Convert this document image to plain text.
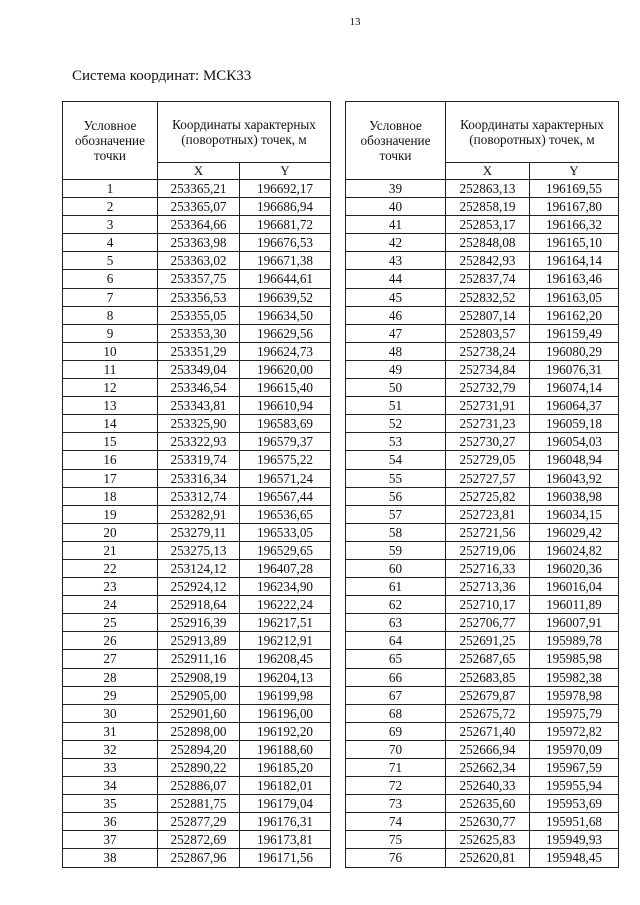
13
Система координат: МСК33
Условное обозначение точки	Координаты характерных (поворотных) точек, м	
	X	Y
1	253365,21	196692,17
2	253365,07	196686,94
3	253364,66	196681,72
4	253363,98	196676,53
5	253363,02	196671,38
6	253357,75	196644,61
7	253356,53	196639,52
8	253355,05	196634,50
9	253353,30	196629,56
10	253351,29	196624,73
11	253349,04	196620,00
12	253346,54	196615,40
13	253343,81	196610,94
14	253325,90	196583,69
15	253322,93	196579,37
16	253319,74	196575,22
17	253316,34	196571,24
18	253312,74	196567,44
19	253282,91	196536,65
20	253279,11	196533,05
21	253275,13	196529,65
22	253124,12	196407,28
23	252924,12	196234,90
24	252918,64	196222,24
25	252916,39	196217,51
26	252913,89	196212,91
27	252911,16	196208,45
28	252908,19	196204,13
29	252905,00	196199,98
30	252901,60	196196,00
31	252898,00	196192,20
32	252894,20	196188,60
33	252890,22	196185,20
34	252886,07	196182,01
35	252881,75	196179,04
36	252877,29	196176,31
37	252872,69	196173,81
38	252867,96	196171,56
Условное обозначение точки	Координаты характерных (поворотных) точек, м	
	X	Y
39	252863,13	196169,55
40	252858,19	196167,80
41	252853,17	196166,32
42	252848,08	196165,10
43	252842,93	196164,14
44	252837,74	196163,46
45	252832,52	196163,05
46	252807,14	196162,20
47	252803,57	196159,49
48	252738,24	196080,29
49	252734,84	196076,31
50	252732,79	196074,14
51	252731,91	196064,37
52	252731,23	196059,18
53	252730,27	196054,03
54	252729,05	196048,94
55	252727,57	196043,92
56	252725,82	196038,98
57	252723,81	196034,15
58	252721,56	196029,42
59	252719,06	196024,82
60	252716,33	196020,36
61	252713,36	196016,04
62	252710,17	196011,89
63	252706,77	196007,91
64	252691,25	195989,78
65	252687,65	195985,98
66	252683,85	195982,38
67	252679,87	195978,98
68	252675,72	195975,79
69	252671,40	195972,82
70	252666,94	195970,09
71	252662,34	195967,59
72	252640,33	195955,94
73	252635,60	195953,69
74	252630,77	195951,68
75	252625,83	195949,93
76	252620,81	195948,45
